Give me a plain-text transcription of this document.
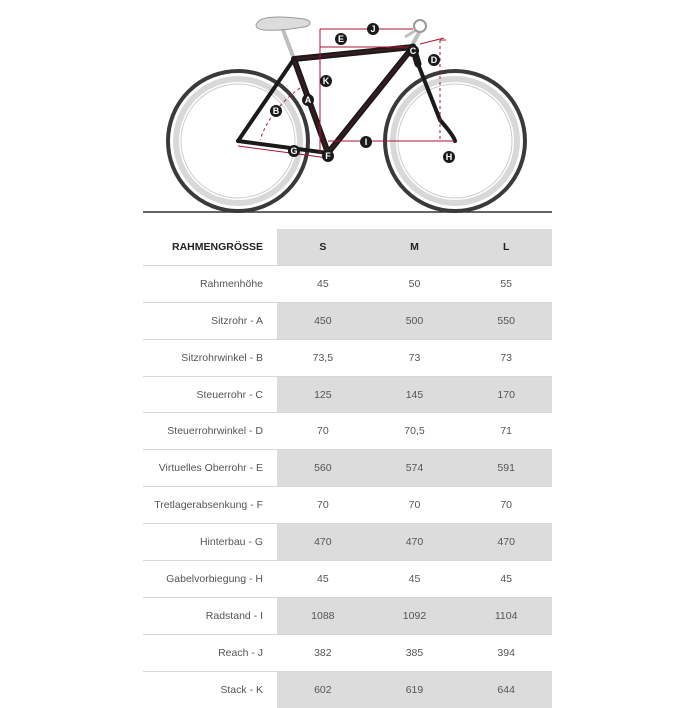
A
B
C
D
E
F
G
H
I
J
K
RAHMENGRÖSSE	S	M	L
Rahmenhöhe	45	50	55
Sitzrohr - A	450	500	550
Sitzrohrwinkel - B	73,5	73	73
Steuerrohr - C	125	145	170
Steuerrohrwinkel - D	70	70,5	71
Virtuelles Oberrohr - E	560	574	591
Tretlagerabsenkung - F	70	70	70
Hinterbau - G	470	470	470
Gabelvorbiegung - H	45	45	45
Radstand - I	1088	1092	1104
Reach - J	382	385	394
Stack - K	602	619	644
